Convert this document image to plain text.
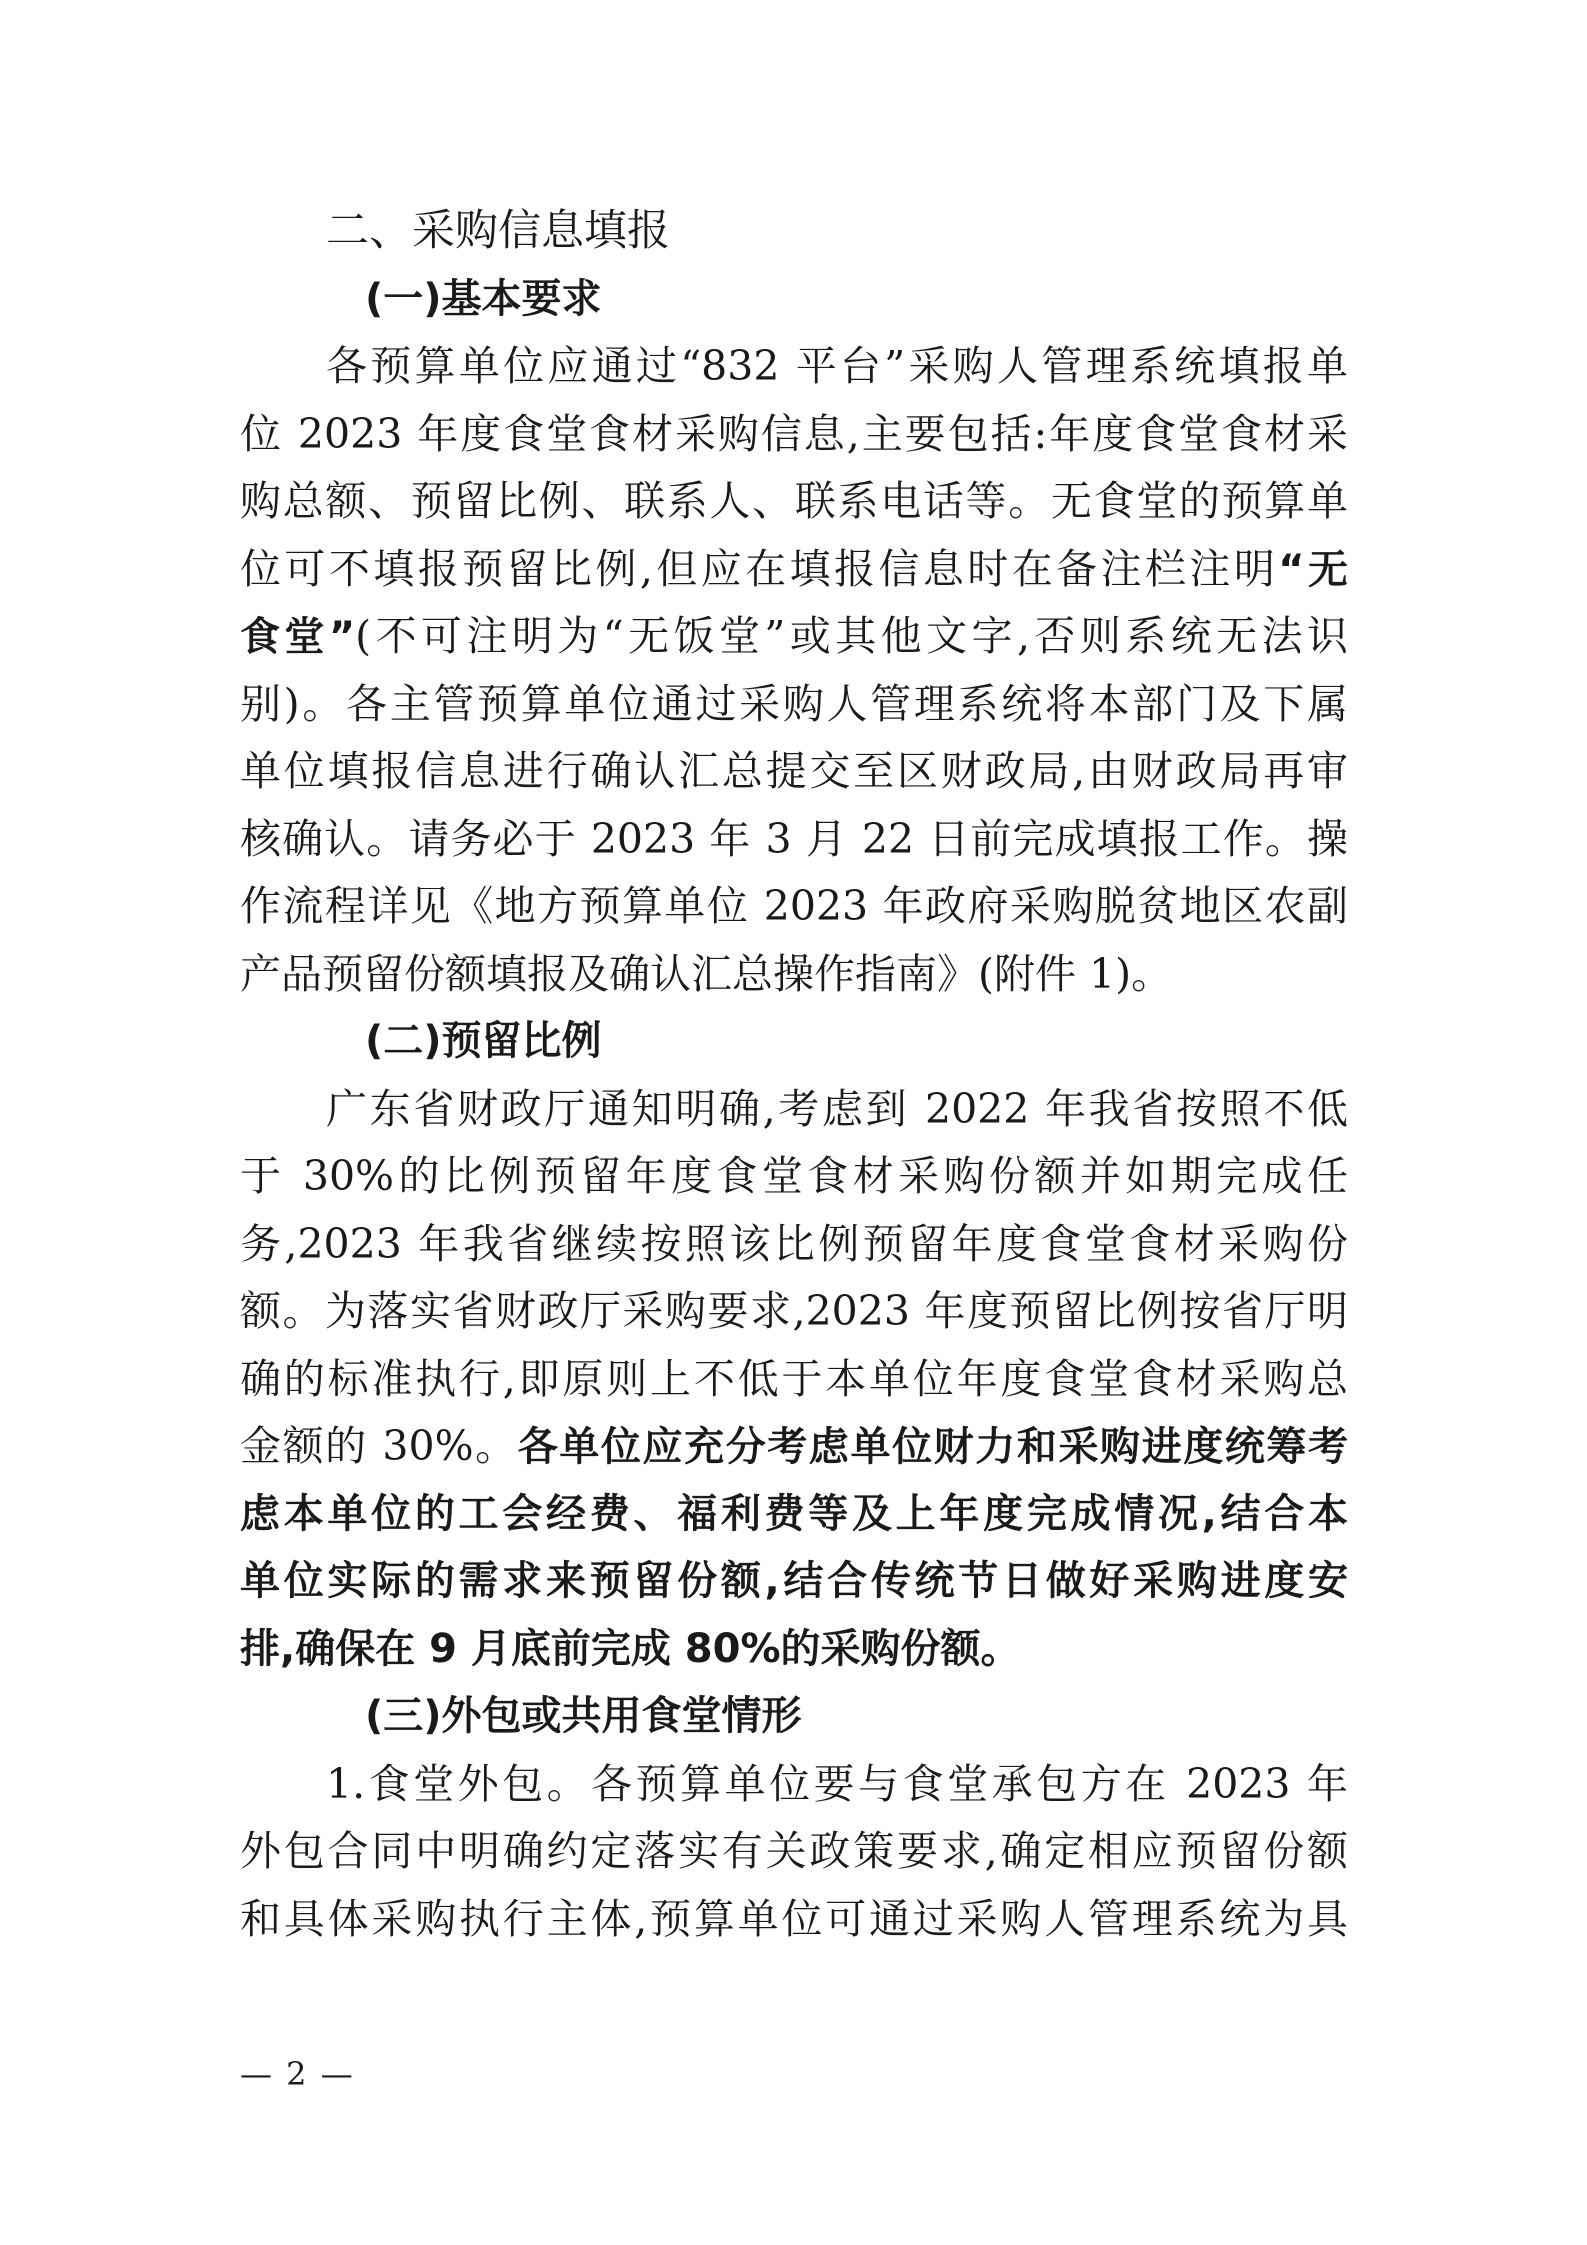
二、采购信息填报
(一)基本要求
各预算单位应通过“832 平台”采购人管理系统填报单
位 2023 年度食堂食材采购信息,主要包括:年度食堂食材采
购总额、预留比例、联系人、联系电话等。无食堂的预算单
位可不填报预留比例,但应在填报信息时在备注栏注明“无
食堂”(不可注明为“无饭堂”或其他文字,否则系统无法识
别)。各主管预算单位通过采购人管理系统将本部门及下属
单位填报信息进行确认汇总提交至区财政局,由财政局再审
核确认。请务必于 2023 年 3 月 22 日前完成填报工作。操
作流程详见《地方预算单位 2023 年政府采购脱贫地区农副
产品预留份额填报及确认汇总操作指南》(附件 1)。
(二)预留比例
广东省财政厅通知明确,考虑到 2022 年我省按照不低
于 30%的比例预留年度食堂食材采购份额并如期完成任
务,2023 年我省继续按照该比例预留年度食堂食材采购份
额。为落实省财政厅采购要求,2023 年度预留比例按省厅明
确的标准执行,即原则上不低于本单位年度食堂食材采购总
金额的 30%。各单位应充分考虑单位财力和采购进度统筹考
虑本单位的工会经费、福利费等及上年度完成情况,结合本
单位实际的需求来预留份额,结合传统节日做好采购进度安
排,确保在 9 月底前完成 80%的采购份额。
(三)外包或共用食堂情形
1.食堂外包。各预算单位要与食堂承包方在 2023 年
外包合同中明确约定落实有关政策要求,确定相应预留份额
和具体采购执行主体,预算单位可通过采购人管理系统为具
— 2 —
